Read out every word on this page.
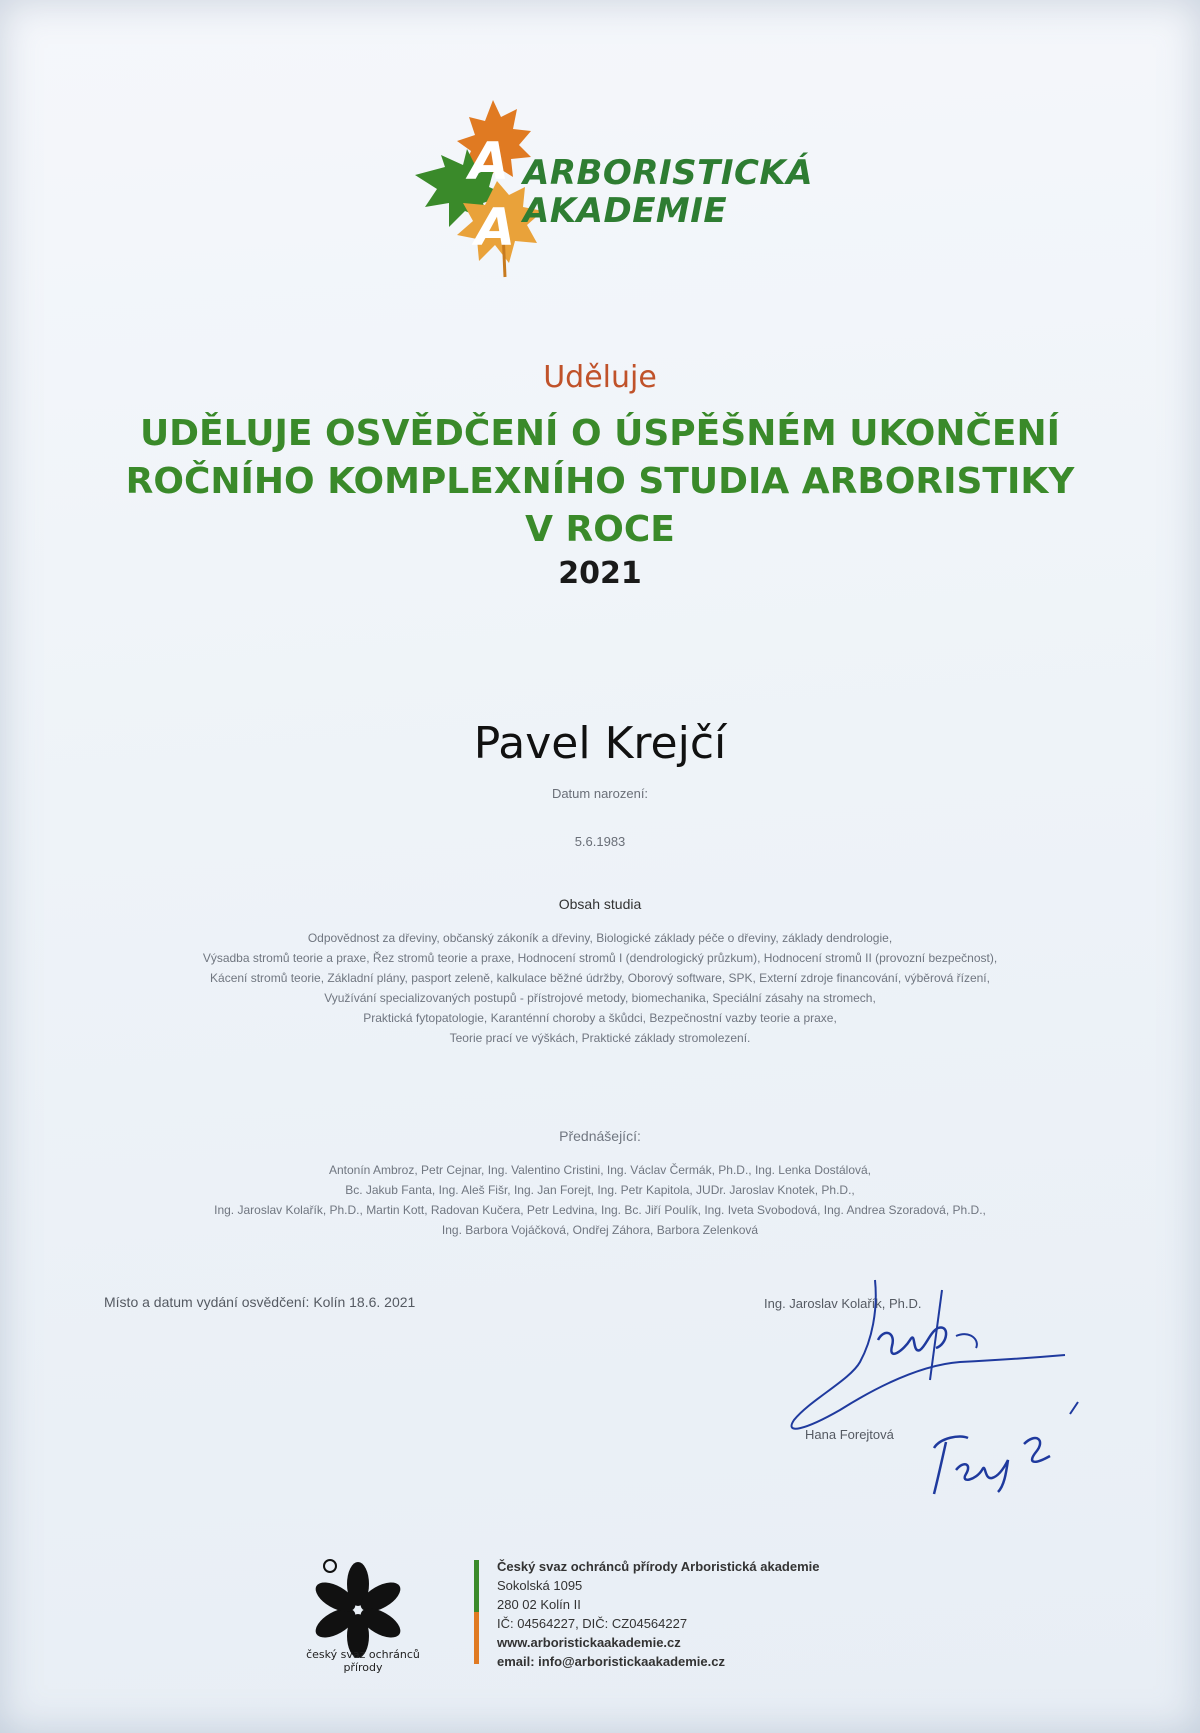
A
A
ARBORISTICKÁ
AKADEMIE
Uděluje
UDĚLUJE OSVĚDČENÍ O ÚSPĚŠNÉM UKONČENÍ
ROČNÍHO KOMPLEXNÍHO STUDIA ARBORISTIKY
V ROCE
2021
Pavel Krejčí
Datum narození:
5.6.1983
Obsah studia
Odpovědnost za dřeviny, občanský zákoník a dřeviny, Biologické základy péče o dřeviny, základy dendrologie,
Výsadba stromů teorie a praxe, Řez stromů teorie a praxe, Hodnocení stromů I (dendrologický průzkum), Hodnocení stromů II (provozní bezpečnost),
Kácení stromů teorie, Základní plány, pasport zeleně, kalkulace běžné údržby, Oborový software, SPK, Externí zdroje financování, výběrová řízení,
Využívání specializovaných postupů - přístrojové metody, biomechanika, Speciální zásahy na stromech,
Praktická fytopatologie, Karanténní choroby a škůdci, Bezpečnostní vazby teorie a praxe,
Teorie prací ve výškách, Praktické základy stromolezení.
Přednášející:
Antonín Ambroz, Petr Cejnar, Ing. Valentino Cristini, Ing. Václav Čermák, Ph.D., Ing. Lenka Dostálová,
Bc. Jakub Fanta, Ing. Aleš Fišr, Ing. Jan Forejt, Ing. Petr Kapitola, JUDr. Jaroslav Knotek, Ph.D.,
Ing. Jaroslav Kolařík, Ph.D., Martin Kott, Radovan Kučera, Petr Ledvina, Ing. Bc. Jiří Poulík, Ing. Iveta Svobodová, Ing. Andrea Szoradová, Ph.D.,
Ing. Barbora Vojáčková, Ondřej Záhora, Barbora Zelenková
Místo a datum vydání osvědčení: Kolín 18.6. 2021	Ing. Jaroslav Kolařík, Ph.D.
Hana Forejtová
český svaz ochránců přírody
Český svaz ochránců přírody Arboristická akademie
Sokolská 1095
280 02 Kolín II
IČ: 04564227, DIČ: CZ04564227
www.arboristickaakademie.cz
email: info@arboristickaakademie.cz
